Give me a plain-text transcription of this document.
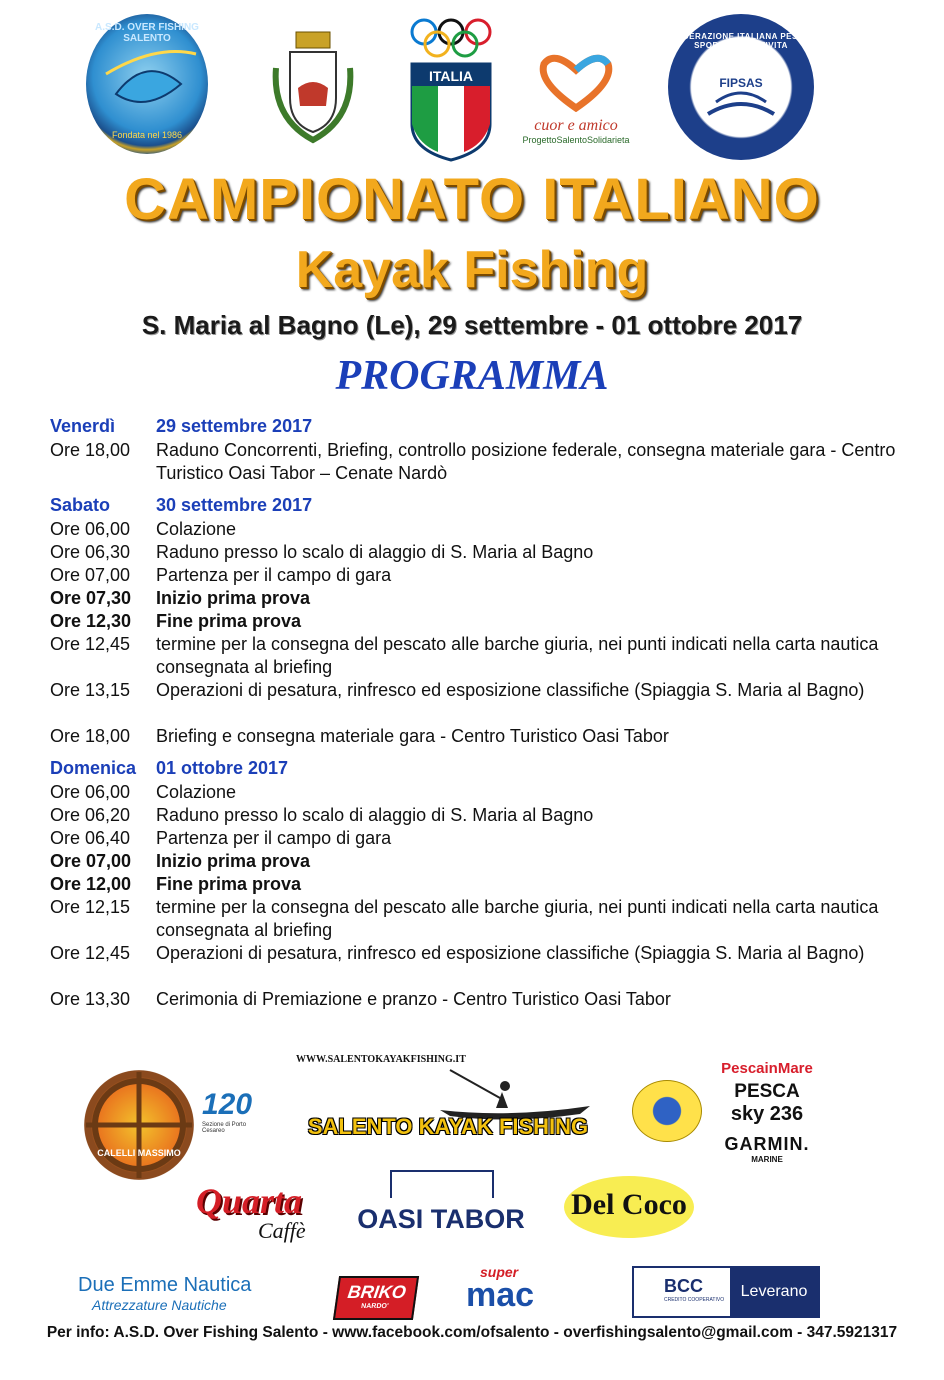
A.S.D. OVER FISHING SALENTO
Fondata nel 1986
ITALIA
cuor e amico
ProgettoSalentoSolidarieta
FEDERAZIONE ITALIANA PESCA SPORTIVA E ATTIVITA SUBACQUEE
FIPSAS
CAMPIONATO ITALIANO
Kayak Fishing
S. Maria al Bagno (Le), 29 settembre - 01 ottobre 2017
PROGRAMMA
Venerdì 29 settembre 2017
Ore 18,00 Raduno Concorrenti, Briefing, controllo posizione federale, consegna materiale gara - Centro Turistico Oasi Tabor – Cenate Nardò
Sabato	30 settembre 2017
Ore 06,00 Colazione
Ore 06,30 Raduno presso lo scalo di alaggio di S. Maria al Bagno
Ore 07,00 Partenza per il campo di gara
Ore 07,30 Inizio prima prova
Ore 12,30 Fine prima prova
Ore 12,45 termine per la consegna del pescato alle barche giuria, nei punti indicati nella carta nautica consegnata al briefing
Ore 13,15 Operazioni di pesatura, rinfresco ed esposizione classifiche (Spiaggia S. Maria al Bagno)
Ore 18,00 Briefing e consegna materiale gara - Centro Turistico Oasi Tabor
Domenica 01 ottobre 2017
Ore 06,00 Colazione
Ore 06,20 Raduno presso lo scalo di alaggio di S. Maria al Bagno
Ore 06,40 Partenza per il campo di gara
Ore 07,00 Inizio prima prova
Ore 12,00 Fine prima prova
Ore 12,15 termine per la consegna del pescato alle barche giuria, nei punti indicati nella carta nautica consegnata al briefing
Ore 12,45 Operazioni di pesatura, rinfresco ed esposizione classifiche (Spiaggia S. Maria al Bagno)
Ore 13,30 Cerimonia di Premiazione e pranzo - Centro Turistico Oasi Tabor
CALELLI MASSIMO
120
Sezione di Porto Cesareo
WWW.SALENTOKAYAKFISHING.IT
SALENTO KAYAK FISHING
PescainMare
PESCA
sky 236
GARMIN.
MARINE
Quarta
Caffè OASI TABOR Del Coco
Due Emme Nautica
Attrezzature Nautiche
BRIKO
NARDO'
super
mac	BCC
CREDITO COOPERATIVO	Leverano
Per info: A.S.D. Over Fishing Salento - www.facebook.com/ofsalento - overfishingsalento@gmail.com - 347.5921317
